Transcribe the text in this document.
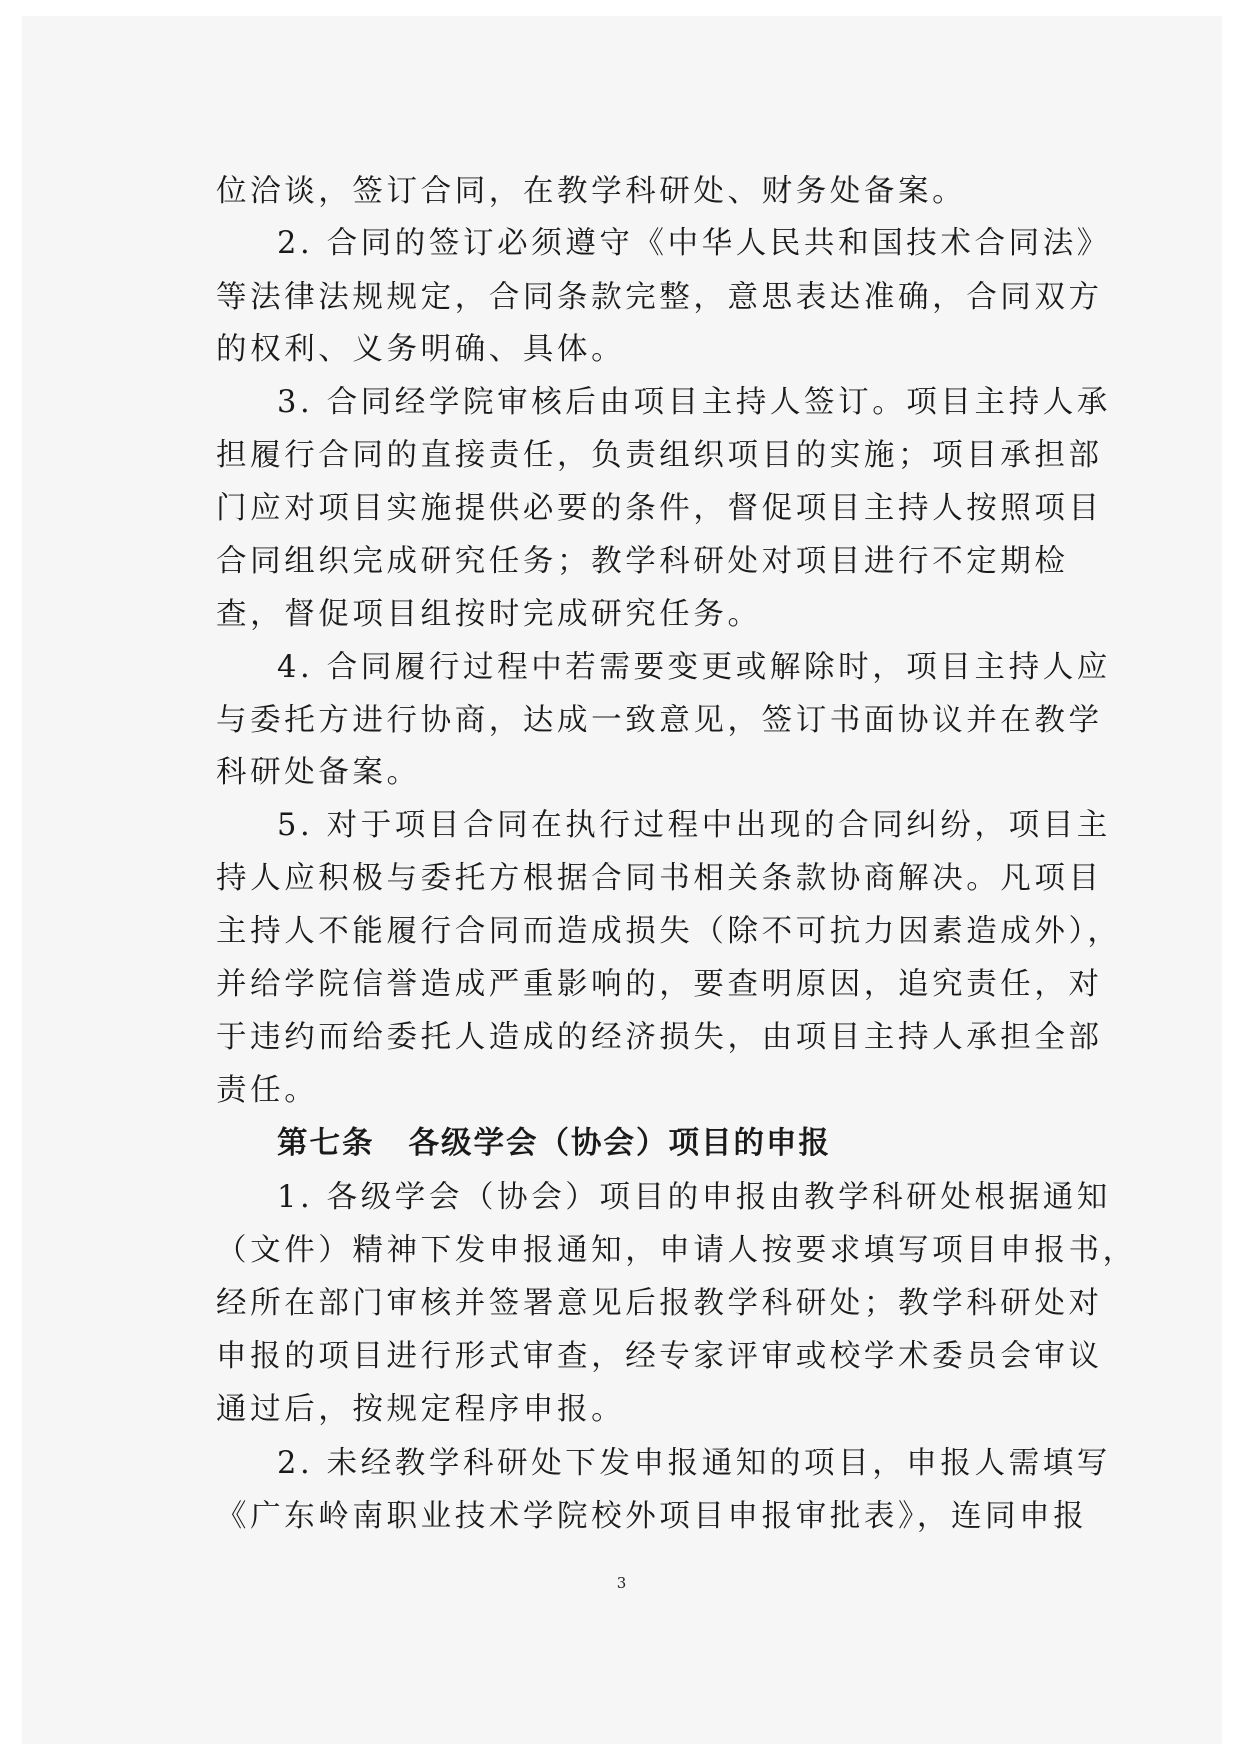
位洽谈，签订合同，在教学科研处、财务处备案。
2. 合同的签订必须遵守《中华人民共和国技术合同法》
等法律法规规定，合同条款完整，意思表达准确，合同双方
的权利、义务明确、具体。
3. 合同经学院审核后由项目主持人签订。项目主持人承
担履行合同的直接责任，负责组织项目的实施；项目承担部
门应对项目实施提供必要的条件，督促项目主持人按照项目
合同组织完成研究任务；教学科研处对项目进行不定期检
查，督促项目组按时完成研究任务。
4. 合同履行过程中若需要变更或解除时，项目主持人应
与委托方进行协商，达成一致意见，签订书面协议并在教学
科研处备案。
5. 对于项目合同在执行过程中出现的合同纠纷，项目主
持人应积极与委托方根据合同书相关条款协商解决。凡项目
主持人不能履行合同而造成损失（除不可抗力因素造成外），
并给学院信誉造成严重影响的，要查明原因，追究责任，对
于违约而给委托人造成的经济损失，由项目主持人承担全部
责任。
第七条 各级学会（协会）项目的申报
1. 各级学会（协会）项目的申报由教学科研处根据通知
（文件）精神下发申报通知，申请人按要求填写项目申报书，
经所在部门审核并签署意见后报教学科研处；教学科研处对
申报的项目进行形式审查，经专家评审或校学术委员会审议
通过后，按规定程序申报。
2. 未经教学科研处下发申报通知的项目，申报人需填写
《广东岭南职业技术学院校外项目申报审批表》，连同申报
3
